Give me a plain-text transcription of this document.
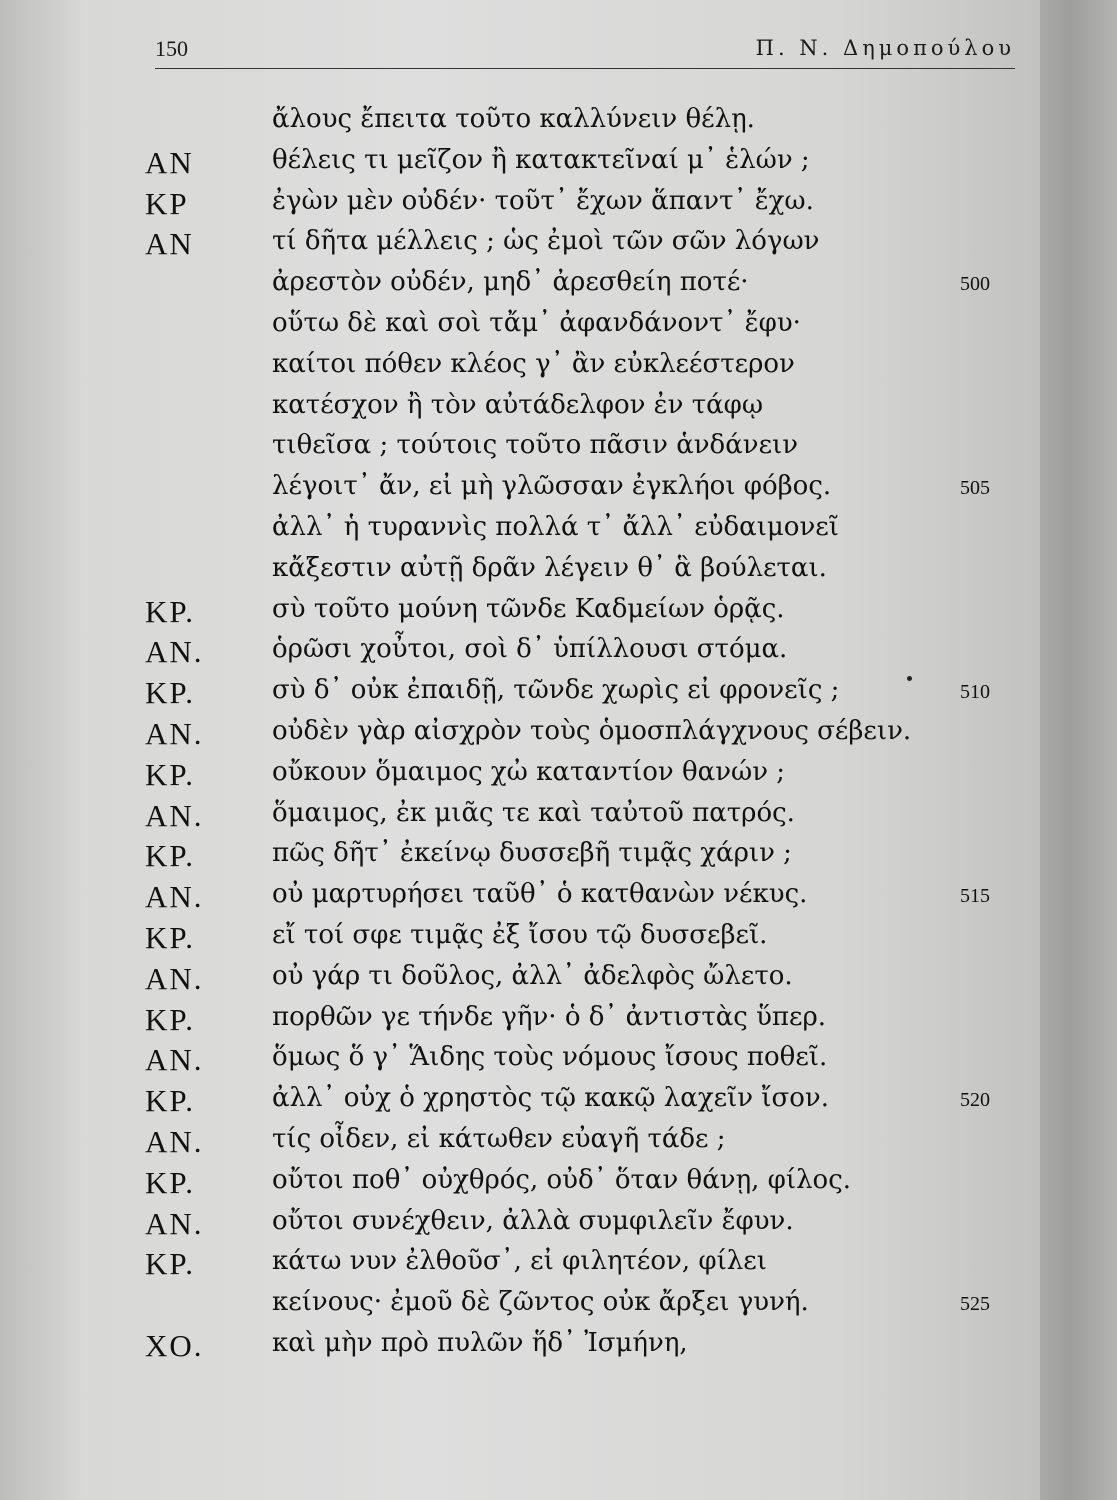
150	Π. Ν. Δημοπούλου
ἄλους ἔπειτα τοῦτο καλλύνειν θέλῃ.
ΑΝ	θέλεις τι μεῖζον ἢ κατακτεῖναί μ᾽ ἑλών ;
ΚΡ	ἐγὼν μὲν οὐδέν· τοῦτ᾽ ἔχων ἅπαντ᾽ ἔχω.
ΑΝ	τί δῆτα μέλλεις ; ὡς ἐμοὶ τῶν σῶν λόγων
ἀρεστὸν οὐδέν, μηδ᾽ ἀρεσθείη ποτέ·	500
οὕτω δὲ καὶ σοὶ τἄμ᾽ ἀφανδάνοντ᾽ ἔφυ·
καίτοι πόθεν κλέος γ᾽ ἂν εὐκλεέστερον
κατέσχον ἢ τὸν αὐτάδελφον ἐν τάφῳ
τιθεῖσα ; τούτοις τοῦτο πᾶσιν ἁνδάνειν
λέγοιτ᾽ ἄν, εἰ μὴ γλῶσσαν ἐγκλήοι φόβος.	505
ἀλλ᾽ ἡ τυραννὶς πολλά τ᾽ ἄλλ᾽ εὐδαιμονεῖ
κἄξεστιν αὐτῇ δρᾶν λέγειν θ᾽ ἃ βούλεται.
ΚΡ.	σὺ τοῦτο μούνη τῶνδε Καδμείων ὁρᾷς.
ΑΝ.	ὁρῶσι χοὖτοι, σοὶ δ᾽ ὑπίλλουσι στόμα.
ΚΡ.	σὺ δ᾽ οὐκ ἐπαιδῇ, τῶνδε χωρὶς εἰ φρονεῖς ;	510
ΑΝ.	οὐδὲν γὰρ αἰσχρὸν τοὺς ὁμοσπλάγχνους σέβειν.
ΚΡ.	οὔκουν ὅμαιμος χὠ καταντίον θανών ;
ΑΝ.	ὅμαιμος, ἐκ μιᾶς τε καὶ ταὐτοῦ πατρός.
ΚΡ.	πῶς δῆτ᾽ ἐκείνῳ δυσσεβῆ τιμᾷς χάριν ;
ΑΝ.	οὐ μαρτυρήσει ταῦθ᾽ ὁ κατθανὼν νέκυς.	515
ΚΡ.	εἴ τοί σφε τιμᾷς ἐξ ἴσου τῷ δυσσεβεῖ.
ΑΝ.	οὐ γάρ τι δοῦλος, ἀλλ᾽ ἀδελφὸς ὤλετο.
ΚΡ.	πορθῶν γε τήνδε γῆν· ὁ δ᾽ ἀντιστὰς ὕπερ.
ΑΝ.	ὅμως ὅ γ᾽ Ἅιδης τοὺς νόμους ἴσους ποθεῖ.
ΚΡ.	ἀλλ᾽ οὐχ ὁ χρηστὸς τῷ κακῷ λαχεῖν ἴσον.	520
ΑΝ.	τίς οἶδεν, εἰ κάτωθεν εὐαγῆ τάδε ;
ΚΡ.	οὔτοι ποθ᾽ οὐχθρός, οὐδ᾽ ὅταν θάνῃ, φίλος.
ΑΝ.	οὔτοι συνέχθειν, ἀλλὰ συμφιλεῖν ἔφυν.
ΚΡ.	κάτω νυν ἐλθοῦσ᾽, εἰ φιλητέον, φίλει
κείνους· ἐμοῦ δὲ ζῶντος οὐκ ἄρξει γυνή.	525
ΧΟ.	καὶ μὴν πρὸ πυλῶν ἥδ᾽ Ἰσμήνη,
